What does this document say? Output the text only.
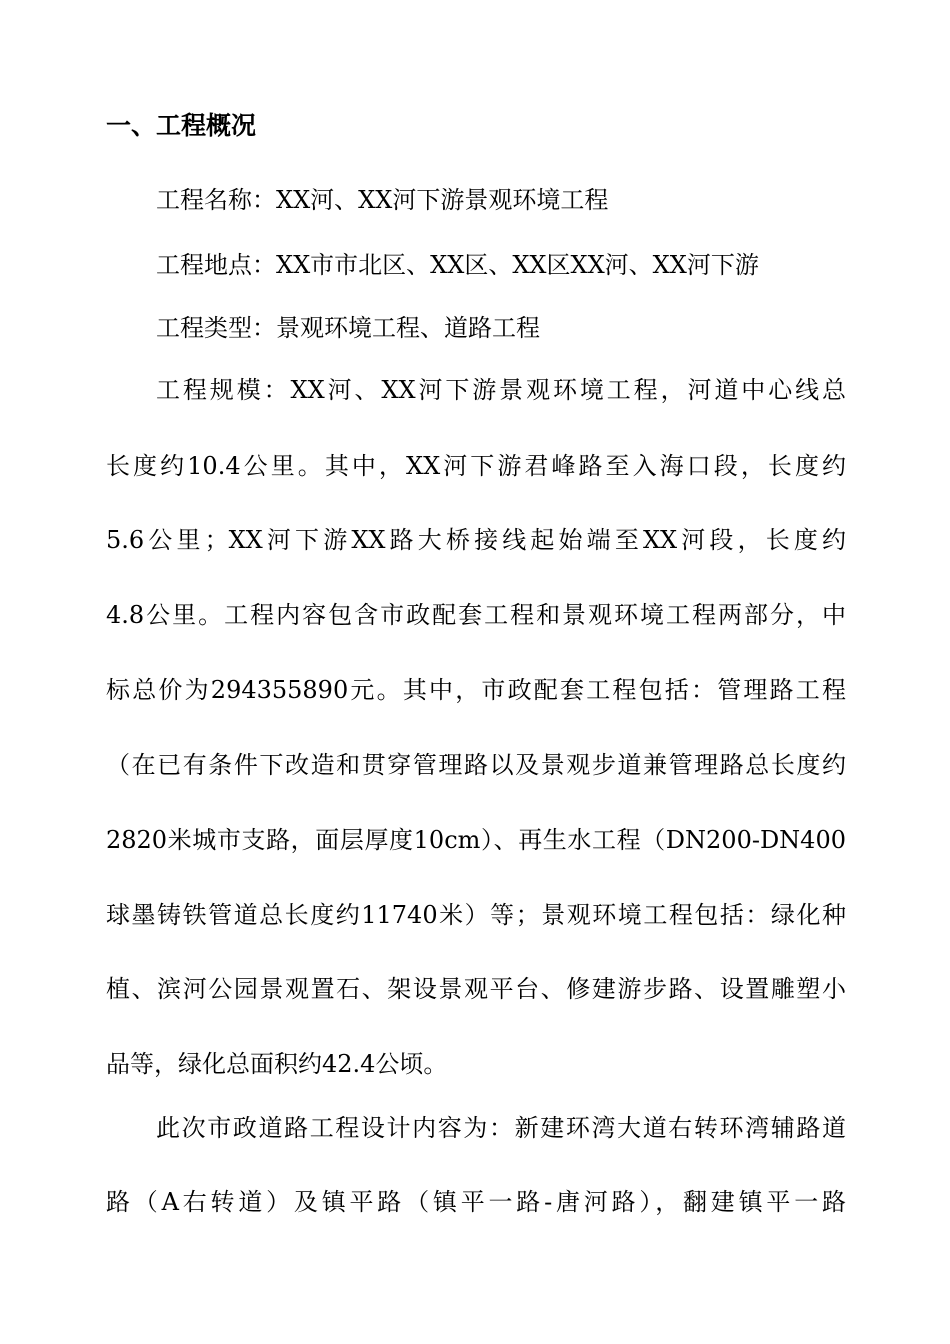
一、工程概况
工程名称：XX河、XX河下游景观环境工程
工程地点：XX市市北区、XX区、XX区XX河、XX河下游
工程类型：景观环境工程、道路工程
工程规模：XX河、XX河下游景观环境工程，河道中心线总
长度约10.4公里。其中，XX河下游君峰路至入海口段，长度约
5.6公里；XX河下游XX路大桥接线起始端至XX河段，长度约
4.8公里。工程内容包含市政配套工程和景观环境工程两部分，中
标总价为294355890元。其中，市政配套工程包括：管理路工程
（在已有条件下改造和贯穿管理路以及景观步道兼管理路总长度约
2820米城市支路，面层厚度10cm）、再生水工程（DN200-DN400
球墨铸铁管道总长度约11740米）等；景观环境工程包括：绿化种
植、滨河公园景观置石、架设景观平台、修建游步路、设置雕塑小
品等，绿化总面积约42.4公顷。
此次市政道路工程设计内容为：新建环湾大道右转环湾辅路道
路（A右转道）及镇平路（镇平一路-唐河路），翻建镇平一路
